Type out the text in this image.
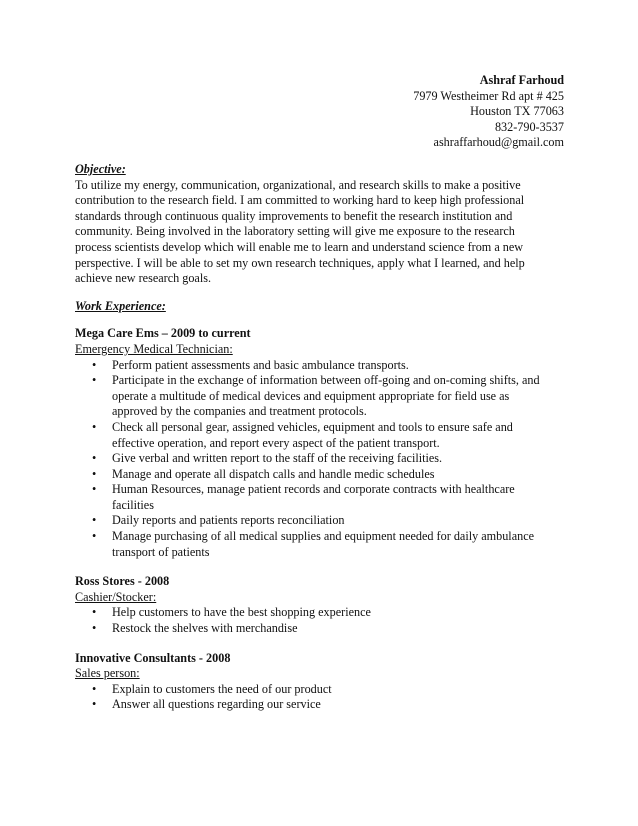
Ashraf Farhoud
7979 Westheimer Rd apt # 425
Houston TX 77063
832-790-3537
ashraffarhoud@gmail.com
Objective:
To utilize my energy, communication, organizational, and research skills to make a positive
contribution to the research field. I am committed to working hard to keep high professional
standards through continuous quality improvements to benefit the research institution and
community. Being involved in the laboratory setting will give me exposure to the research
process scientists develop which will enable me to learn and understand science from a new
perspective. I will be able to set my own research techniques, apply what I learned, and help
achieve new research goals.
Work Experience:
Mega Care Ems – 2009 to current
Emergency Medical Technician:
• Perform patient assessments and basic ambulance transports.
• Participate in the exchange of information between off-going and on-coming shifts, and
operate a multitude of medical devices and equipment appropriate for field use as
approved by the companies and treatment protocols.
• Check all personal gear, assigned vehicles, equipment and tools to ensure safe and
effective operation, and report every aspect of the patient transport.
• Give verbal and written report to the staff of the receiving facilities.
• Manage and operate all dispatch calls and handle medic schedules
• Human Resources, manage patient records and corporate contracts with healthcare
facilities
• Daily reports and patients reports reconciliation
• Manage purchasing of all medical supplies and equipment needed for daily ambulance
transport of patients
Ross Stores - 2008
Cashier/Stocker:
• Help customers to have the best shopping experience
• Restock the shelves with merchandise
Innovative Consultants - 2008
Sales person:
• Explain to customers the need of our product
• Answer all questions regarding our service
